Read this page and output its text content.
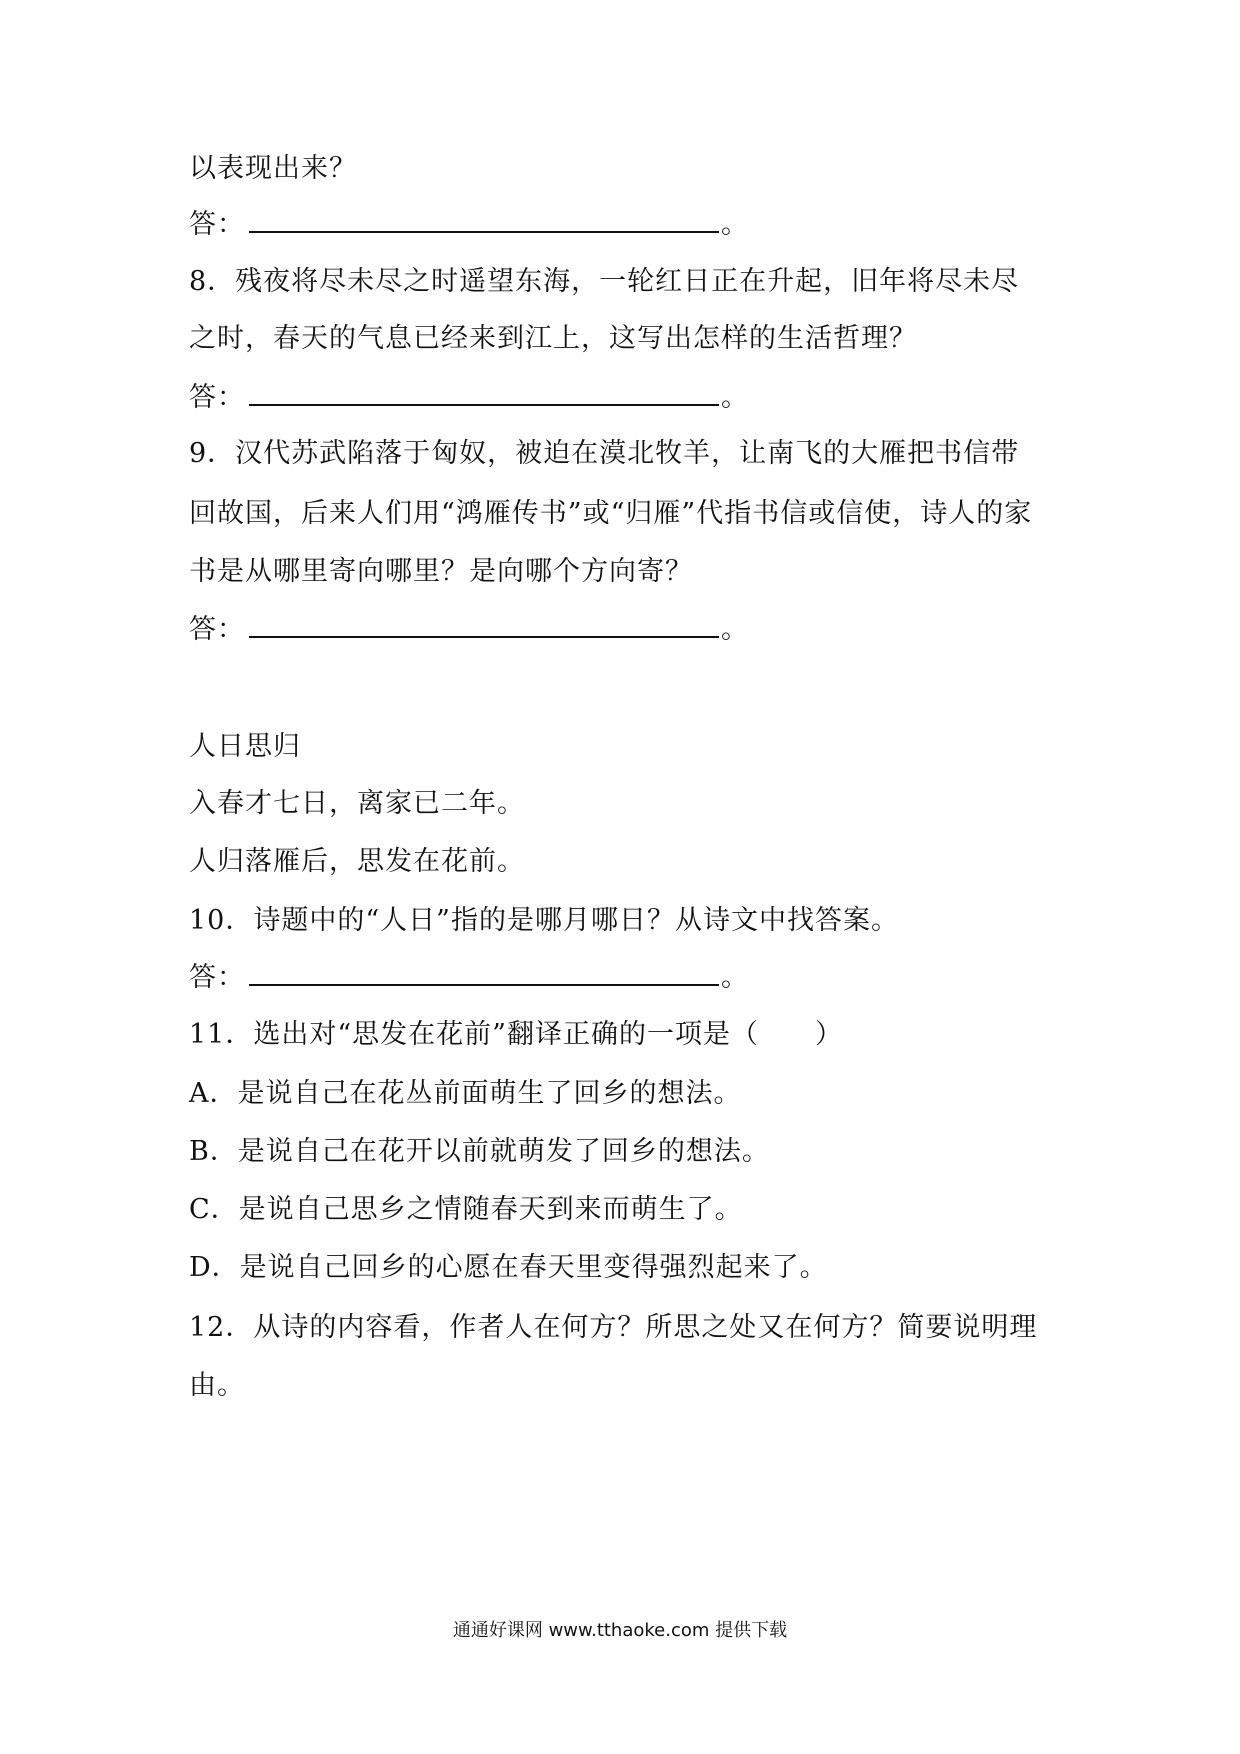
以表现出来？
答：	。
8．残夜将尽未尽之时遥望东海，一轮红日正在升起，旧年将尽未尽
之时，春天的气息已经来到江上，这写出怎样的生活哲理？
答：	。
9．汉代苏武陷落于匈奴，被迫在漠北牧羊，让南飞的大雁把书信带
回故国，后来人们用“鸿雁传书”或“归雁”代指书信或信使，诗人的家
书是从哪里寄向哪里？是向哪个方向寄？
答：	。
人日思归
入春才七日，离家已二年。
人归落雁后，思发在花前。
10．诗题中的“人日”指的是哪月哪日？从诗文中找答案。
答：	。
11．选出对“思发在花前”翻译正确的一项是（　　）
A．是说自己在花丛前面萌生了回乡的想法。
B．是说自己在花开以前就萌发了回乡的想法。
C．是说自己思乡之情随春天到来而萌生了。
D．是说自己回乡的心愿在春天里变得强烈起来了。
12．从诗的内容看，作者人在何方？所思之处又在何方？简要说明理
由。
通通好课网 www.tthaoke.com 提供下载
